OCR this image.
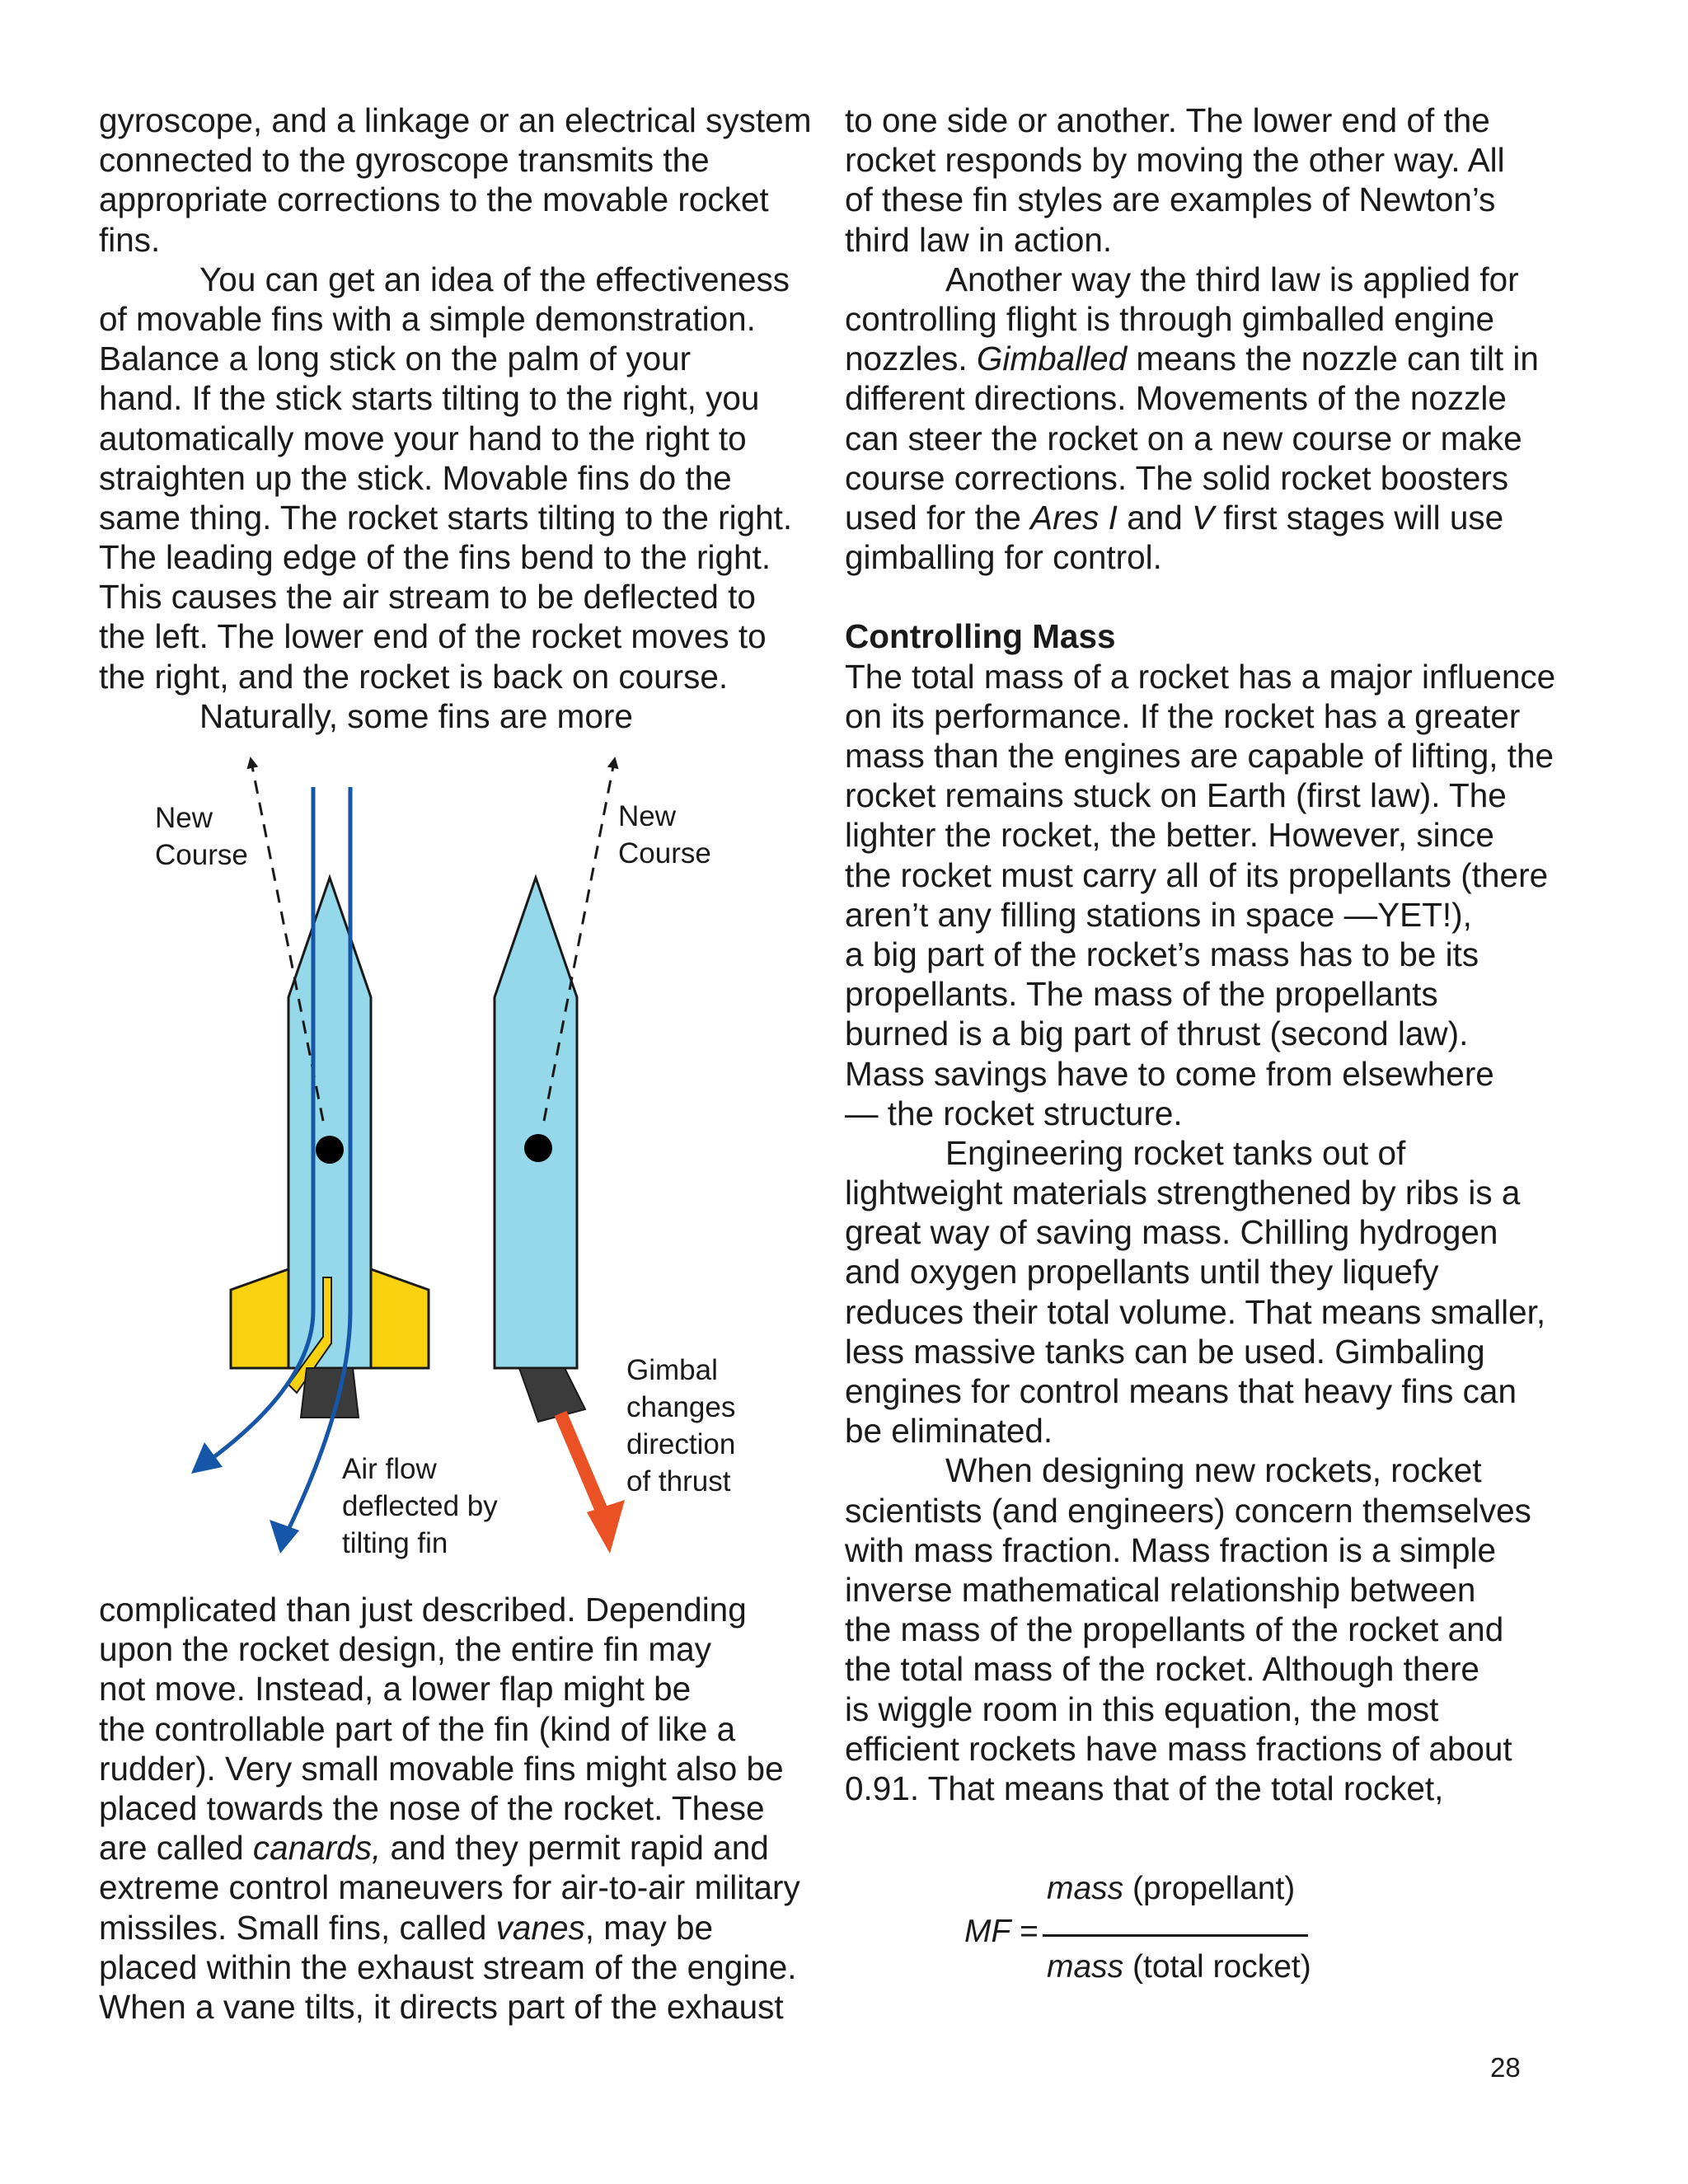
gyroscope, and a linkage or an electrical system
connected to the gyroscope transmits the
appropriate corrections to the movable rocket
fins.
You can get an idea of the effectiveness
of movable fins with a simple demonstration.
Balance a long stick on the palm of your
hand. If the stick starts tilting to the right, you
automatically move your hand to the right to
straighten up the stick. Movable fins do the
same thing. The rocket starts tilting to the right.
The leading edge of the fins bend to the right.
This causes the air stream to be deflected to
the left. The lower end of the rocket moves to
the right, and the rocket is back on course.
Naturally, some fins are more
New
Course
New
Course
Air flow
deflected by
tilting fin
Gimbal
changes
direction
of thrust
complicated than just described. Depending
upon the rocket design, the entire fin may
not move. Instead, a lower flap might be
the controllable part of the fin (kind of like a
rudder). Very small movable fins might also be
placed towards the nose of the rocket. These
are called canards, and they permit rapid and
extreme control maneuvers for air-to-air military
missiles. Small fins, called vanes, may be
placed within the exhaust stream of the engine.
When a vane tilts, it directs part of the exhaust
to one side or another. The lower end of the
rocket responds by moving the other way. All
of these fin styles are examples of Newton’s
third law in action.
Another way the third law is applied for
controlling flight is through gimballed engine
nozzles. Gimballed means the nozzle can tilt in
different directions. Movements of the nozzle
can steer the rocket on a new course or make
course corrections. The solid rocket boosters
used for the Ares I and V first stages will use
gimballing for control.
Controlling Mass
The total mass of a rocket has a major influence
on its performance. If the rocket has a greater
mass than the engines are capable of lifting, the
rocket remains stuck on Earth (first law). The
lighter the rocket, the better. However, since
the rocket must carry all of its propellants (there
aren’t any filling stations in space —YET!),
a big part of the rocket’s mass has to be its
propellants. The mass of the propellants
burned is a big part of thrust (second law).
Mass savings have to come from elsewhere
— the rocket structure.
Engineering rocket tanks out of
lightweight materials strengthened by ribs is a
great way of saving mass. Chilling hydrogen
and oxygen propellants until they liquefy
reduces their total volume. That means smaller,
less massive tanks can be used. Gimbaling
engines for control means that heavy fins can
be eliminated.
When designing new rockets, rocket
scientists (and engineers) concern themselves
with mass fraction. Mass fraction is a simple
inverse mathematical relationship between
the mass of the propellants of the rocket and
the total mass of the rocket. Although there
is wiggle room in this equation, the most
efficient rockets have mass fractions of about
0.91. That means that of the total rocket,
MF =
mass (propellant)
mass (total rocket)
28
